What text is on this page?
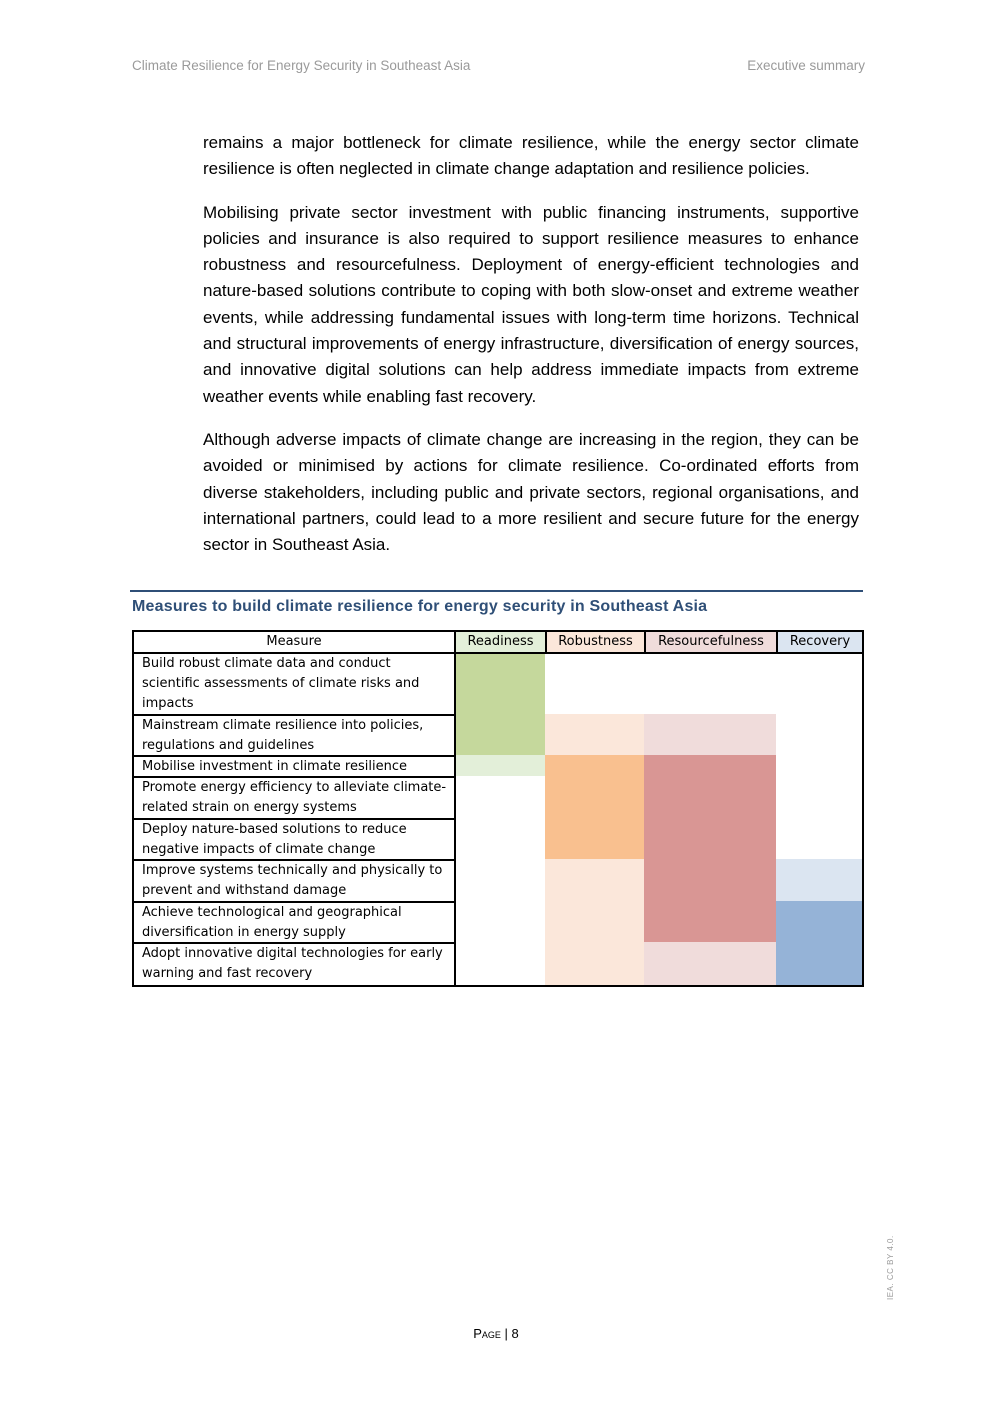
Climate Resilience for Energy Security in Southeast Asia	Executive summary

remains a major bottleneck for climate resilience, while the energy sector climate resilience is often neglected in climate change adaptation and resilience policies.

Mobilising private sector investment with public financing instruments, supportive policies and insurance is also required to support resilience measures to enhance robustness and resourcefulness. Deployment of energy-efficient technologies and nature-based solutions contribute to coping with both slow-onset and extreme weather events, while addressing fundamental issues with long-term time horizons. Technical and structural improvements of energy infrastructure, diversification of energy sources, and innovative digital solutions can help address immediate impacts from extreme weather events while enabling fast recovery.

Although adverse impacts of climate change are increasing in the region, they can be avoided or minimised by actions for climate resilience. Co-ordinated efforts from diverse stakeholders, including public and private sectors, regional organisations, and international partners, could lead to a more resilient and secure future for the energy sector in Southeast Asia.

Measures to build climate resilience for energy security in Southeast Asia
Measure	Readiness	Robustness	Resourcefulness	Recovery
Build robust climate data and conduct scientific assessments of climate risks and impacts
Mainstream climate resilience into policies, regulations and guidelines
Mobilise investment in climate resilience
Promote energy efficiency to alleviate climate-related strain on energy systems
Deploy nature-based solutions to reduce negative impacts of climate change
Improve systems technically and physically to prevent and withstand damage
Achieve technological and geographical diversification in energy supply
Adopt innovative digital technologies for early warning and fast recovery
Page | 8
IEA. CC BY 4.0.
